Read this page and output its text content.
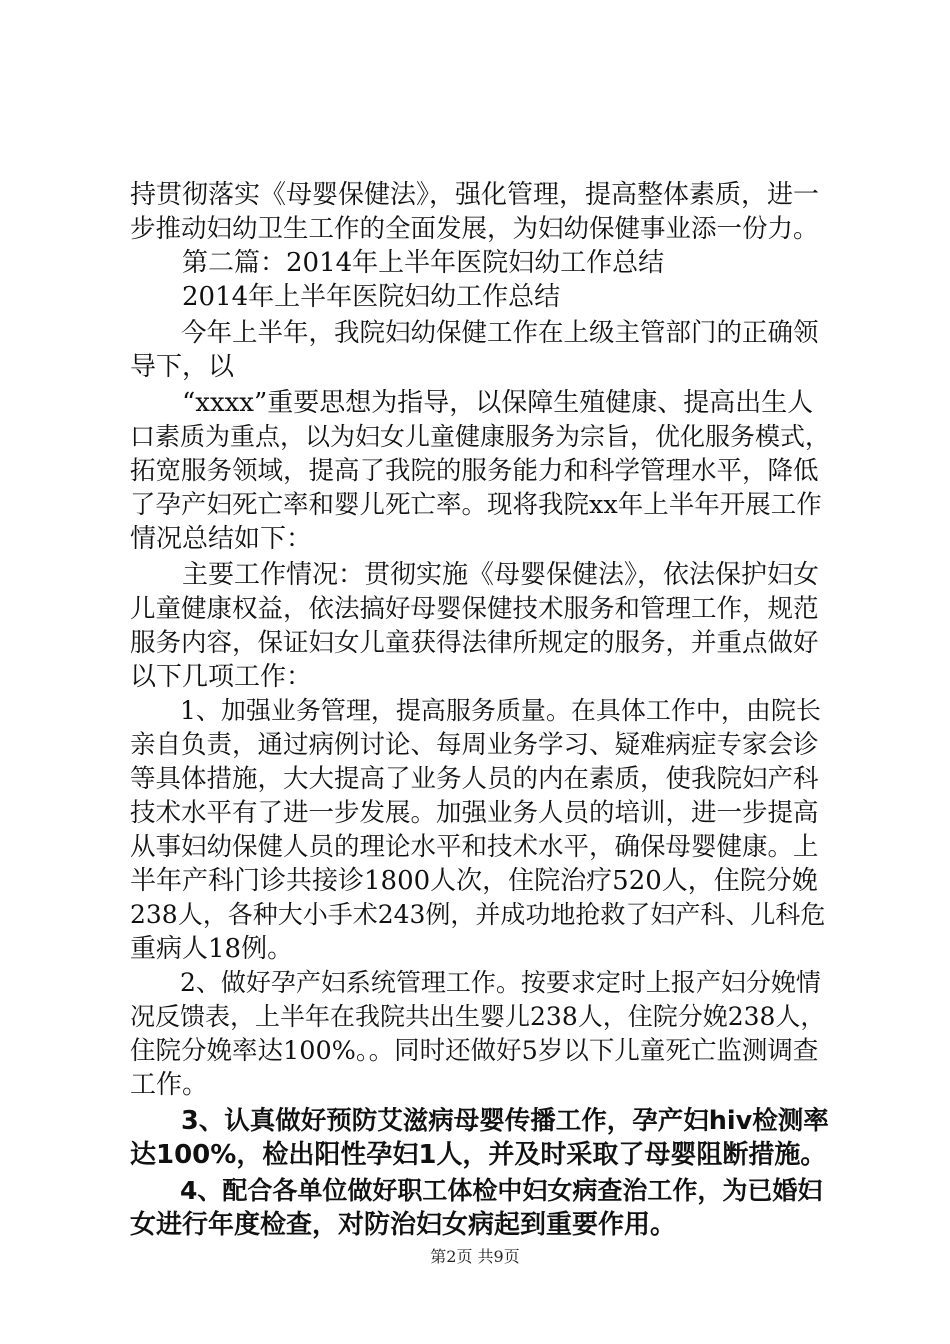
持贯彻落实《母婴保健法》，强化管理，提高整体素质，进一
步推动妇幼卫生工作的全面发展，为妇幼保健事业添一份力。
　　第二篇：2014年上半年医院妇幼工作总结
　　2014年上半年医院妇幼工作总结
　　今年上半年，我院妇幼保健工作在上级主管部门的正确领
导下，以
　　“xxxx”重要思想为指导，以保障生殖健康、提高出生人
口素质为重点，以为妇女儿童健康服务为宗旨，优化服务模式，
拓宽服务领域，提高了我院的服务能力和科学管理水平，降低
了孕产妇死亡率和婴儿死亡率。现将我院xx年上半年开展工作
情况总结如下：
　　主要工作情况：贯彻实施《母婴保健法》，依法保护妇女
儿童健康权益，依法搞好母婴保健技术服务和管理工作，规范
服务内容，保证妇女儿童获得法律所规定的服务，并重点做好
以下几项工作：
　　1、加强业务管理，提高服务质量。在具体工作中，由院长
亲自负责，通过病例讨论、每周业务学习、疑难病症专家会诊
等具体措施，大大提高了业务人员的内在素质，使我院妇产科
技术水平有了进一步发展。加强业务人员的培训，进一步提高
从事妇幼保健人员的理论水平和技术水平，确保母婴健康。上
半年产科门诊共接诊1800人次，住院治疗520人，住院分娩
238人，各种大小手术243例，并成功地抢救了妇产科、儿科危
重病人18例。
　　2、做好孕产妇系统管理工作。按要求定时上报产妇分娩情
况反馈表，上半年在我院共出生婴儿238人，住院分娩238人，
住院分娩率达100%。。同时还做好5岁以下儿童死亡监测调查
工作。
　　3、认真做好预防艾滋病母婴传播工作，孕产妇hiv检测率
达100%，检出阳性孕妇1人，并及时采取了母婴阻断措施。
　　4、配合各单位做好职工体检中妇女病查治工作，为已婚妇
女进行年度检查，对防治妇女病起到重要作用。
第2页 共9页
